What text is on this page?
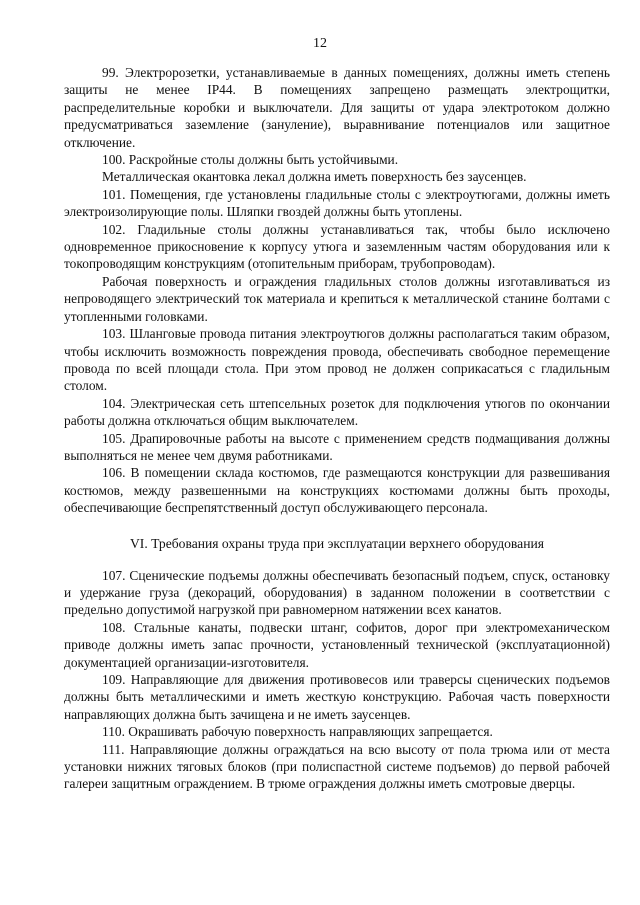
12

99. Электророзетки, устанавливаемые в данных помещениях, должны иметь степень защиты не менее IP44. В помещениях запрещено размещать электрощитки, распределительные коробки и выключатели. Для защиты от удара электротоком должно предусматриваться заземление (зануление), выравнивание потенциалов или защитное отключение.

100. Раскройные столы должны быть устойчивыми.

Металлическая окантовка лекал должна иметь поверхность без заусенцев.

101. Помещения, где установлены гладильные столы с электроутюгами, должны иметь электроизолирующие полы. Шляпки гвоздей должны быть утоплены.

102. Гладильные столы должны устанавливаться так, чтобы было исключено одновременное прикосновение к корпусу утюга и заземленным частям оборудования или к токопроводящим конструкциям (отопительным приборам, трубопроводам).

Рабочая поверхность и ограждения гладильных столов должны изготавливаться из непроводящего электрический ток материала и крепиться к металлической станине болтами с утопленными головками.

103. Шланговые провода питания электроутюгов должны располагаться таким образом, чтобы исключить возможность повреждения провода, обеспечивать свободное перемещение провода по всей площади стола. При этом провод не должен соприкасаться с гладильным столом.

104. Электрическая сеть штепсельных розеток для подключения утюгов по окончании работы должна отключаться общим выключателем.

105. Драпировочные работы на высоте с применением средств подмащивания должны выполняться не менее чем двумя работниками.

106. В помещении склада костюмов, где размещаются конструкции для развешивания костюмов, между развешенными на конструкциях костюмами должны быть проходы, обеспечивающие беспрепятственный доступ обслуживающего персонала.

VI. Требования охраны труда при эксплуатации верхнего оборудования

107. Сценические подъемы должны обеспечивать безопасный подъем, спуск, остановку и удержание груза (декораций, оборудования) в заданном положении в соответствии с предельно допустимой нагрузкой при равномерном натяжении всех канатов.

108. Стальные канаты, подвески штанг, софитов, дорог при электромеханическом приводе должны иметь запас прочности, установленный технической (эксплуатационной) документацией организации-изготовителя.

109. Направляющие для движения противовесов или траверсы сценических подъемов должны быть металлическими и иметь жесткую конструкцию. Рабочая часть поверхности направляющих должна быть зачищена и не иметь заусенцев.

110. Окрашивать рабочую поверхность направляющих запрещается.

111. Направляющие должны ограждаться на всю высоту от пола трюма или от места установки нижних тяговых блоков (при полиспастной системе подъемов) до первой рабочей галереи защитным ограждением. В трюме ограждения должны иметь смотровые дверцы.
